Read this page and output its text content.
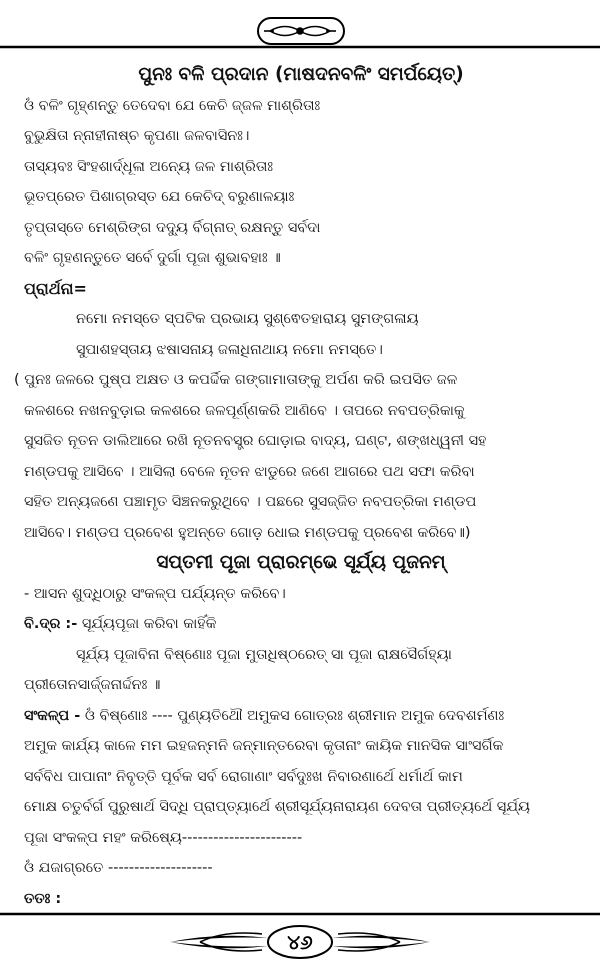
ପୁନଃ ବଳି ପ୍ରଦାନ (ମାଷଦନବଳିଂ ସମର୍ପୟେତ୍)
ଓଁ ବଳିଂ ଗୃହ୍ଣନ୍ତୁ ତେଦେବା ଯେ କେଚି ଜ୍ଜଳ ମାଶ୍ରିତାଃ
ବୁଭୁକ୍ଷିତା ନ୍ନାହୀନାଷ୍ଚ କୃପଣା ଜଳବାସିନଃ।
ତାସ୍ୟବଃ ସିଂହଶାର୍ଦ୍ଧୂଳା ଅନ୍ୟେ ଜଳ ମାଶ୍ରିତାଃ
ଭୂତପ୍ରେତ ପିଶାଗ୍ରସ୍ତ ଯେ କେଚିଦ୍ ବରୁଣାଳୟାଃ
ତୃପ୍ତାସ୍ତେ ମେଶ୍ରିଙ୍ଗ ଦଦ୍ୟୁ ର୍ବିଗ୍ନାତ୍ ରକ୍ଷନ୍ତୁ ସର୍ବଦା
ବଳିଂ ଗୃହଣନ୍ତୁତେ ସର୍ବେ ଦୁର୍ଗା ପୂଜା ଶୁଭାବହାଃ ॥
ପ୍ରାର୍ଥନା=
ନମୋ ନମସ୍ତେ ସ୍ପଟିକ ପ୍ରଭାୟ ସୁଶ୍ଵେତହାରାୟ ସୁମଙ୍ଗଳାୟ
ସୁପାଶହସ୍ତାୟ ଝଷାସନାୟ ଜଳାଧିନାଥାୟ ନମୋ ନମସ୍ତେ।
( ପୁନଃ ଜଳରେ ପୁଷ୍ପ ଅକ୍ଷତ ଓ କପର୍ଦ୍ଦିକ ଗଙ୍ଗାମାତାଙ୍କୁ ଅର୍ପଣ କରି ଇପସିତ ଜଳ
କଳଶରେ ନଖନବୁଡ଼ାଇ କଳଶରେ ଜଳପୂର୍ଣ୍ଣକରି ଆଣିବେ । ତାପରେ ନବପତ୍ରିକାକୁ
ସୁସଜିତ ନୂତନ ଡାଲିଆରେ ରଖି ନୂତନବସ୍ତ୍ର ଘୋଡ଼ାଇ ବାଦ୍ୟ, ଘଣ୍ଟ, ଶଙ୍ଖଧ୍ୱନୀ ସହ
ମଣ୍ଡପକୁ ଆସିବେ । ଆସିଲା ବେଳେ ନୂତନ ଝାଡୁରେ ଜଣେ ଆଗରେ ପଥ ସଫା କରିବା
ସହିତ ଅନ୍ୟଜଣେ ପଞ୍ଚାମୃତ ସିଞ୍ଚନକରୁଥିବେ । ପଛରେ ସୁସଜ୍ଜିତ ନବପତ୍ରିକା ମଣ୍ଡପ
ଆସିବେ। ମଣ୍ଡପ ପ୍ରବେଶ ହୁଅନ୍ତେ ଗୋଡ଼ ଧୋଇ ମଣ୍ଡପକୁ ପ୍ରବେଶ କରିବେ॥)
ସପ୍ତମୀ ପୂଜା ପ୍ରାରମ୍ଭେ ସୂର୍ଯ୍ୟ ପୂଜନମ୍
- ଆସନ ଶୁଦ୍ଧିଠାରୁ ସଂକଳ୍ପ ପର୍ଯ୍ୟନ୍ତ କରିବେ।
ବି.ଦ୍ର :- ସୂର୍ଯ୍ୟପୂଜା କରିବା କାହିଁକି
ସୂର୍ଯ୍ୟ ପୂଜାବିନା ବିଷ୍ଣୋଃ ପୂଜା ମୁତାଧିଷ୍ଠରେତ୍ ସା ପୂଜା ରାକ୍ଷସୈର୍ଗହ୍ୟା
ପ୍ରୀତୋନସାର୍ଜ୍ଜନାର୍ଦ୍ଦନଃ ॥
ସଂକଳ୍ପ - ଓଁ ବିଷ୍ଣୋଃ ---- ପୁଣ୍ୟତିଥୌ ଅମୁକସ ଗୋତ୍ରଃ ଶ୍ରୀମାନ ଅମୁକ ଦେବଶର୍ମଣଃ
ଅମୁକ କାର୍ଯ୍ୟ କାଳେ ମମ ଇହଜନ୍ମନି ଜନ୍ମାନ୍ତରେବା କୃତାନାଂ କାୟିକ ମାନସିକ ସାଂସର୍ଗିକ
ସର୍ବବିଧ ପାପାନାଂ ନିବୃତ୍ତି ପୂର୍ବକ ସର୍ବ ରୋଗାଣାଂ ସର୍ବଦୁଃଖ ନିବାରଣାର୍ଥେ ଧର୍ମାର୍ଥ କାମ
ମୋକ୍ଷ ଚତୁର୍ବର୍ଗ ପୁରୁଷାର୍ଥ ସିଦ୍ଧି ପ୍ରାପ୍ତ୍ୟାର୍ଥେ ଶ୍ରୀସୂର୍ଯ୍ୟନାରାୟଣ ଦେବତା ପ୍ରୀତ୍ୟର୍ଥେ ସୂର୍ଯ୍ୟ
ପୂଜା ସଂକଳ୍ପ ମହଂ କରିଷ୍ୟେ-----------------------
ଓଁ ଯଜାଗ୍ରତେ --------------------
ତତଃ :
୪୬
